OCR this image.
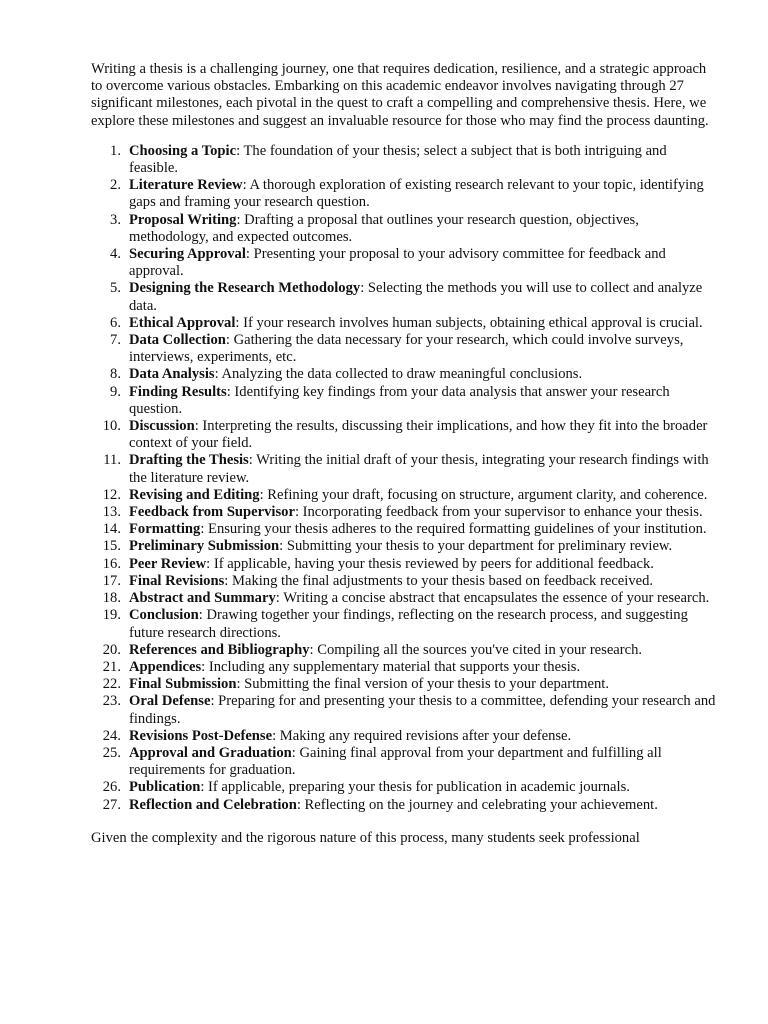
Writing a thesis is a challenging journey, one that requires dedication, resilience, and a strategic approach to overcome various obstacles. Embarking on this academic endeavor involves navigating through 27 significant milestones, each pivotal in the quest to craft a compelling and comprehensive thesis. Here, we explore these milestones and suggest an invaluable resource for those who may find the process daunting.

Choosing a Topic: The foundation of your thesis; select a subject that is both intriguing and feasible.
Literature Review: A thorough exploration of existing research relevant to your topic, identifying gaps and framing your research question.
Proposal Writing: Drafting a proposal that outlines your research question, objectives, methodology, and expected outcomes.
Securing Approval: Presenting your proposal to your advisory committee for feedback and approval.
Designing the Research Methodology: Selecting the methods you will use to collect and analyze data.
Ethical Approval: If your research involves human subjects, obtaining ethical approval is crucial.
Data Collection: Gathering the data necessary for your research, which could involve surveys, interviews, experiments, etc.
Data Analysis: Analyzing the data collected to draw meaningful conclusions.
Finding Results: Identifying key findings from your data analysis that answer your research question.
Discussion: Interpreting the results, discussing their implications, and how they fit into the broader context of your field.
Drafting the Thesis: Writing the initial draft of your thesis, integrating your research findings with the literature review.
Revising and Editing: Refining your draft, focusing on structure, argument clarity, and coherence.
Feedback from Supervisor: Incorporating feedback from your supervisor to enhance your thesis.
Formatting: Ensuring your thesis adheres to the required formatting guidelines of your institution.
Preliminary Submission: Submitting your thesis to your department for preliminary review.
Peer Review: If applicable, having your thesis reviewed by peers for additional feedback.
Final Revisions: Making the final adjustments to your thesis based on feedback received.
Abstract and Summary: Writing a concise abstract that encapsulates the essence of your research.
Conclusion: Drawing together your findings, reflecting on the research process, and suggesting future research directions.
References and Bibliography: Compiling all the sources you've cited in your research.
Appendices: Including any supplementary material that supports your thesis.
Final Submission: Submitting the final version of your thesis to your department.
Oral Defense: Preparing for and presenting your thesis to a committee, defending your research and findings.
Revisions Post-Defense: Making any required revisions after your defense.
Approval and Graduation: Gaining final approval from your department and fulfilling all requirements for graduation.
Publication: If applicable, preparing your thesis for publication in academic journals.
Reflection and Celebration: Reflecting on the journey and celebrating your achievement.

Given the complexity and the rigorous nature of this process, many students seek professional
